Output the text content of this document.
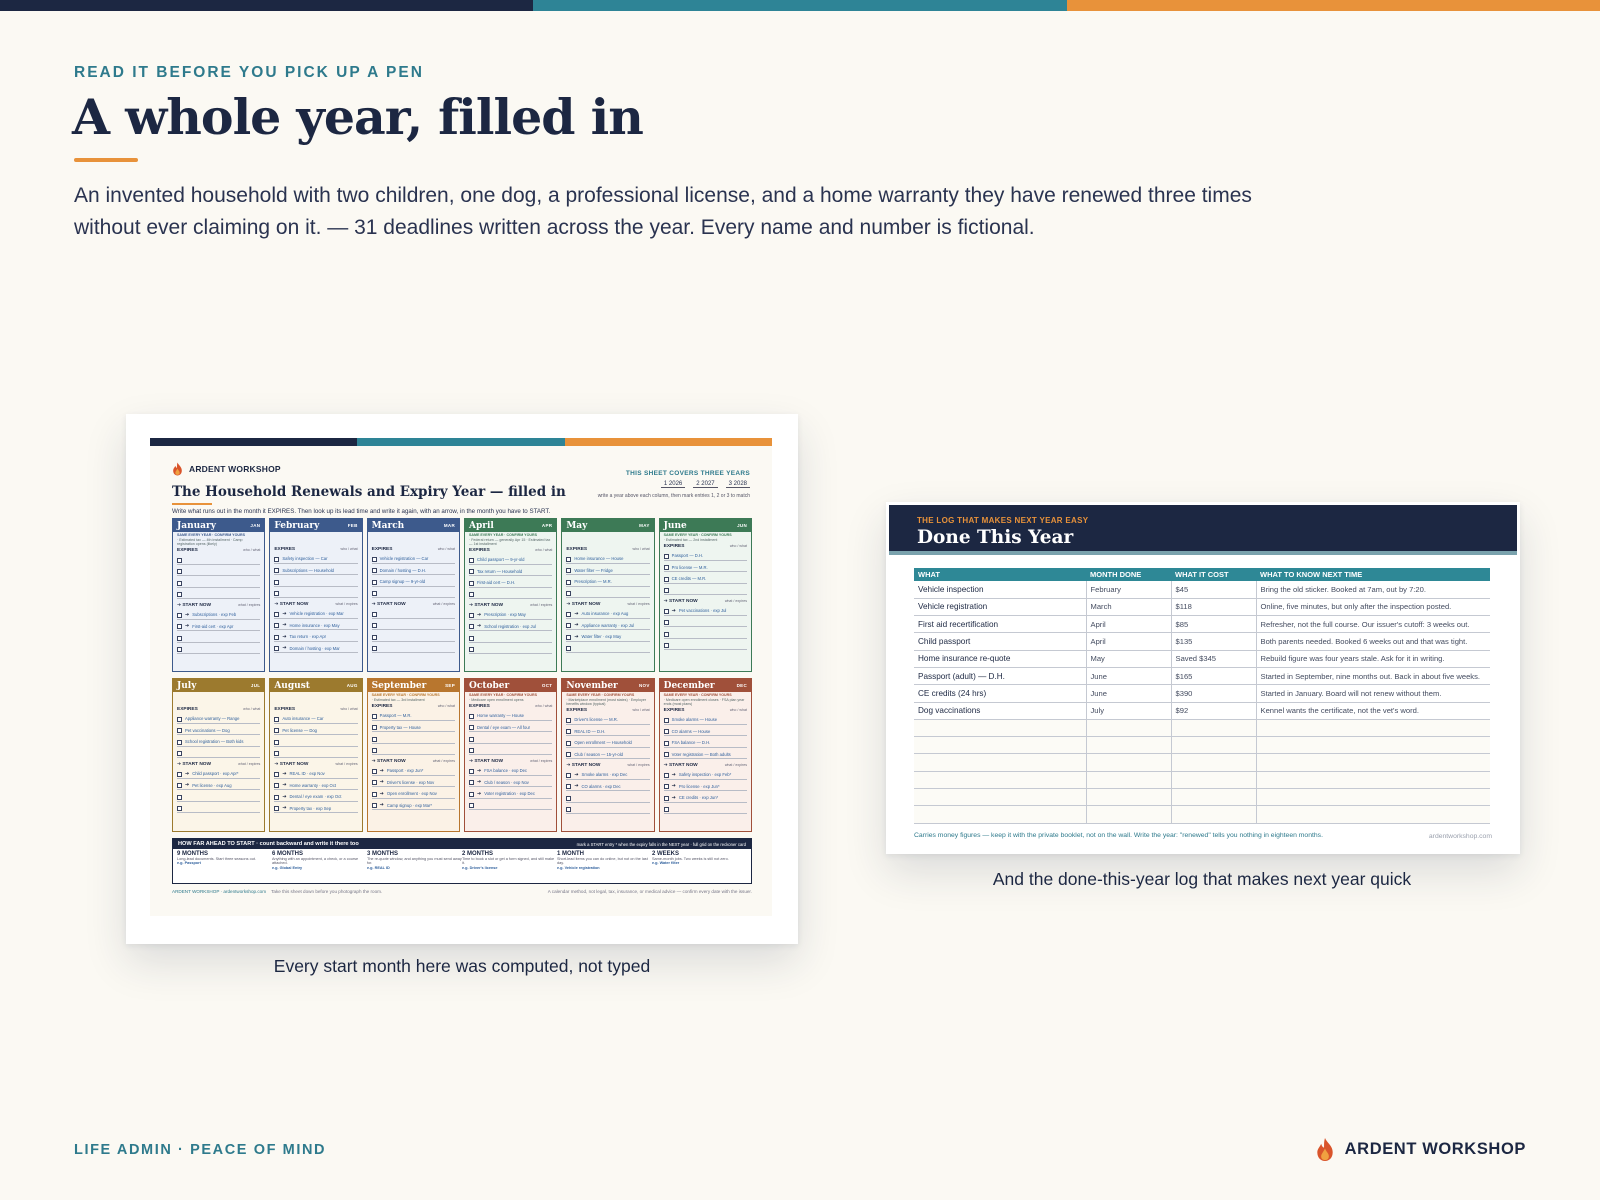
READ IT BEFORE YOU PICK UP A PEN
A whole year, filled in

An invented household with two children, one dog, a professional license, and a home warranty they have renewed three times without ever claiming on it. — 31 deadlines written across the year. Every name and number is fictional.

ARDENT WORKSHOP	THIS SHEET COVERS THREE YEARS
1 2026	2 2027	3 2028
write a year above each column, then mark entries 1, 2 or 3 to match
The Household Renewals and Expiry Year — filled in
Write what runs out in the month it EXPIRES. Then look up its lead time and write it again, with an arrow, in the month you have to START.
January	JAN
SAME EVERY YEAR · CONFIRM YOURS
· Estimated tax — 4th installment · Camp registration opens (likely)
EXPIRES	who / what
➔ START NOW	what / expires
➔ Subscriptions · exp Feb
➔ First-aid cert · exp Apr
February	FEB
EXPIRES	who / what
Safety inspection — Car
Subscriptions — Household
➔ START NOW	what / expires
➔ Vehicle registration · exp Mar
➔ Home insurance · exp May
➔ Tax return · exp Apr
➔ Domain / hosting · exp Mar
March	MAR
EXPIRES	who / what
Vehicle registration — Car
Domain / hosting — D.H.
Camp signup — 9-yr-old
➔ START NOW	what / expires
April	APR
SAME EVERY YEAR · CONFIRM YOURS
· Federal return — generally Apr 15 · Estimated tax — 1st installment
EXPIRES	who / what
Child passport — 9-yr-old
Tax return — Household
First-aid cert — D.H.
➔ START NOW	what / expires
➔ Prescription · exp May
➔ School registration · exp Jul
May	MAY
EXPIRES	who / what
Home insurance — House
Water filter — Fridge
Prescription — M.R.
➔ START NOW	what / expires
➔ Auto insurance · exp Aug
➔ Appliance warranty · exp Jul
➔ Water filter · exp May
June	JUN
SAME EVERY YEAR · CONFIRM YOURS
· Estimated tax — 2nd installment
EXPIRES	who / what
Passport — D.H.
Pro license — M.R.
CE credits — M.R.
➔ START NOW	what / expires
➔ Pet vaccinations · exp Jul
July	JUL
EXPIRES	who / what
Appliance warranty — Range
Pet vaccinations — Dog
School registration — Both kids
➔ START NOW	what / expires
➔ Child passport · exp Apr*
➔ Pet license · exp Aug
August	AUG
EXPIRES	who / what
Auto insurance — Car
Pet license — Dog
➔ START NOW	what / expires
➔ REAL ID · exp Nov
➔ Home warranty · exp Oct
➔ Dental / eye exam · exp Oct
➔ Property tax · exp Sep
September	SEP
SAME EVERY YEAR · CONFIRM YOURS
· Estimated tax — 3rd installment
EXPIRES	who / what
Passport — M.R.
Property tax — House
➔ START NOW	what / expires
➔ Passport · exp Jun*
➔ Driver's license · exp Nov
➔ Open enrollment · exp Nov
➔ Camp signup · exp Mar*
October	OCT
SAME EVERY YEAR · CONFIRM YOURS
· Medicare open enrollment opens
EXPIRES	who / what
Home warranty — House
Dental / eye exam — All four
➔ START NOW	what / expires
➔ FSA balance · exp Dec
➔ Club / season · exp Nov
➔ Voter registration · exp Dec
November	NOV
SAME EVERY YEAR · CONFIRM YOURS
· Marketplace enrollment (most states) · Employer benefits window (typical)
EXPIRES	who / what
Driver's license — M.R.
REAL ID — D.H.
Open enrollment — Household
Club / season — 15-yr-old
➔ START NOW	what / expires
➔ Smoke alarms · exp Dec
➔ CO alarms · exp Dec
December	DEC
SAME EVERY YEAR · CONFIRM YOURS
· Medicare open enrollment closes · FSA plan year ends (most plans)
EXPIRES	who / what
Smoke alarms — House
CO alarms — House
FSA balance — D.H.
Voter registration — Both adults
➔ START NOW	what / expires
➔ Safety inspection · exp Feb*
➔ Pro license · exp Jun*
➔ CE credits · exp Jun*
HOW FAR AHEAD TO START · count backward and write it there too	mark a START entry * when the expiry falls in the NEXT year · full grid on the reckoner card
9 MONTHS
Long-lead documents. Start three seasons out.
e.g. Passport
6 MONTHS
Anything with an appointment, a check, or a course attached.
e.g. Global Entry
3 MONTHS
The re-quote window, and anything you must send away for.
e.g. REAL ID
2 MONTHS
Time to book a slot or get a form signed, and still make it.
e.g. Driver's license
1 MONTH
Short-lead items you can do online, but not on the last day.
e.g. Vehicle registration
2 WEEKS
Same-month jobs. Two weeks is still not zero.
e.g. Water filter
ARDENT WORKSHOP · ardentworkshop.com Take this sheet down before you photograph the room.	A calendar method, not legal, tax, insurance, or medical advice — confirm every date with the issuer.
Every start month here was computed, not typed
THE LOG THAT MAKES NEXT YEAR EASY
Done This Year
WHAT	MONTH DONE	WHAT IT COST	WHAT TO KNOW NEXT TIME
Vehicle inspection	February	$45	Bring the old sticker. Booked at 7am, out by 7:20.
Vehicle registration	March	$118	Online, five minutes, but only after the inspection posted.
First aid recertification	April	$85	Refresher, not the full course. Our issuer's cutoff: 3 weeks out.
Child passport	April	$135	Both parents needed. Booked 6 weeks out and that was tight.
Home insurance re-quote	May	Saved $345	Rebuild figure was four years stale. Ask for it in writing.
Passport (adult) — D.H.	June	$165	Started in September, nine months out. Back in about five weeks.
CE credits (24 hrs)	June	$390	Started in January. Board will not renew without them.
Dog vaccinations	July	$92	Kennel wants the certificate, not the vet's word.

Carries money figures — keep it with the private booklet, not on the wall. Write the year: "renewed" tells you nothing in eighteen months.	ardentworkshop.com
And the done-this-year log that makes next year quick
LIFE ADMIN · PEACE OF MIND	ARDENT WORKSHOP
